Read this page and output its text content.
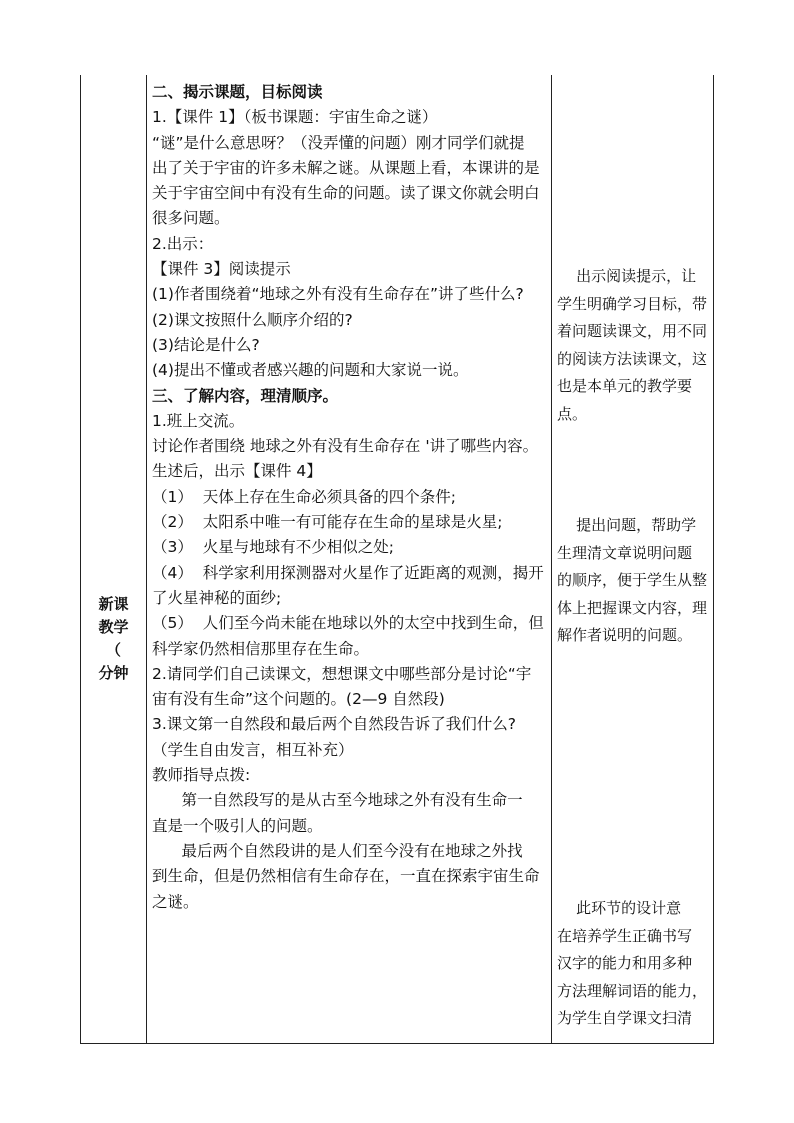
新课
教学
（
分钟
二、揭示课题，目标阅读
1.【课件 1】（板书课题：宇宙生命之谜）
“谜”是什么意思呀？（没弄懂的问题）刚才同学们就提
出了关于宇宙的许多未解之谜。从课题上看，本课讲的是
关于宇宙空间中有没有生命的问题。读了课文你就会明白
很多问题。
2.出示：
【课件 3】阅读提示
(1)作者围绕着“地球之外有没有生命存在”讲了些什么?
(2)课文按照什么顺序介绍的?
(3)结论是什么?
(4)提出不懂或者感兴趣的问题和大家说一说。
三、了解内容，理清顺序。
1.班上交流。
讨论作者围绕 地球之外有没有生命存在 '讲了哪些内容。
生述后，出示【课件 4】
（1）  天体上存在生命必须具备的四个条件;
（2）  太阳系中唯一有可能存在生命的星球是火星;
（3）  火星与地球有不少相似之处;
（4）  科学家利用探测器对火星作了近距离的观测，揭开
了火星神秘的面纱;
（5）  人们至今尚未能在地球以外的太空中找到生命，但
科学家仍然相信那里存在生命。
2.请同学们自己读课文，想想课文中哪些部分是讨论“宇
宙有没有生命”这个问题的。(2—9 自然段)
3.课文第一自然段和最后两个自然段告诉了我们什么?
（学生自由发言，相互补充）
教师指导点拨:
第一自然段写的是从古至今地球之外有没有生命一
直是一个吸引人的问题。
最后两个自然段讲的是人们至今没有在地球之外找
到生命，但是仍然相信有生命存在，一直在探索宇宙生命
之谜。
出示阅读提示，让
学生明确学习目标，带
着问题读课文，用不同
的阅读方法读课文，这
也是本单元的教学要
点。
提出问题，帮助学
生理清文章说明问题
的顺序，便于学生从整
体上把握课文内容，理
解作者说明的问题。
此环节的设计意
在培养学生正确书写
汉字的能力和用多种
方法理解词语的能力，
为学生自学课文扫清
